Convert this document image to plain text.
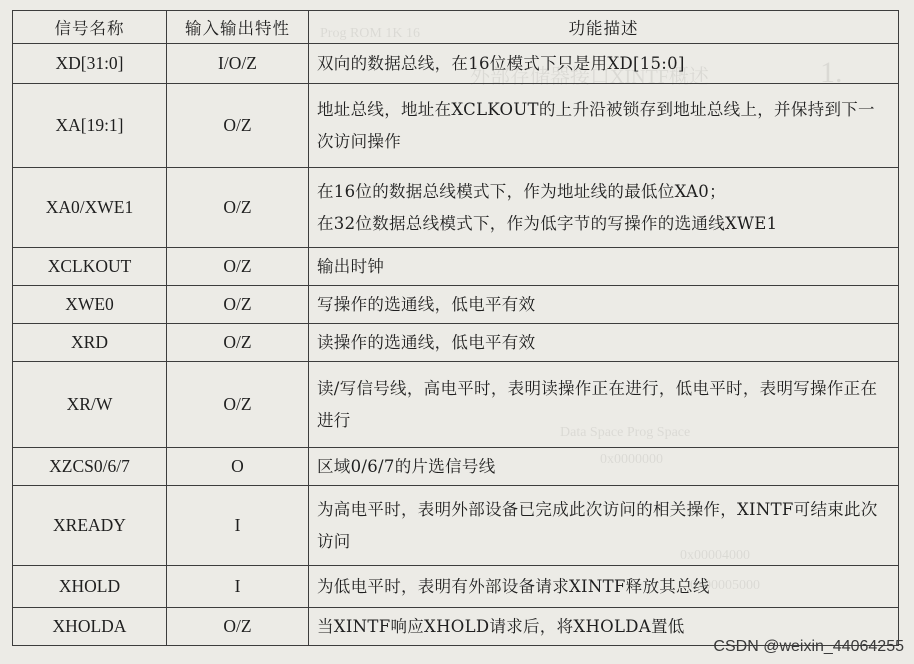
1.
外部存储器接口XINTF概述
Prog ROM 1K 16
Data Space Prog Space
0x0000000
0x00004000
0x00005000
信号名称	输入输出特性	功能描述
XD[31:0]	I/O/Z	双向的数据总线，在16位模式下只是用XD[15:0]
XA[19:1]	O/Z	地址总线，地址在XCLKOUT的上升沿被锁存到地址总线上，并保持到下一次访问操作
XA0/XWE1	O/Z	在16位的数据总线模式下，作为地址线的最低位XA0；
在32位数据总线模式下，作为低字节的写操作的选通线XWE1
XCLKOUT	O/Z	输出时钟
XWE0	O/Z	写操作的选通线，低电平有效
XRD	O/Z	读操作的选通线，低电平有效
XR/W	O/Z	读/写信号线，高电平时，表明读操作正在进行，低电平时，表明写操作正在进行
XZCS0/6/7	O	区域0/6/7的片选信号线
XREADY	I	为高电平时，表明外部设备已完成此次访问的相关操作，XINTF可结束此次访问
XHOLD	I	为低电平时，表明有外部设备请求XINTF释放其总线
XHOLDA	O/Z	当XINTF响应XHOLD请求后，将XHOLDA置低
CSDN @weixin_44064255
